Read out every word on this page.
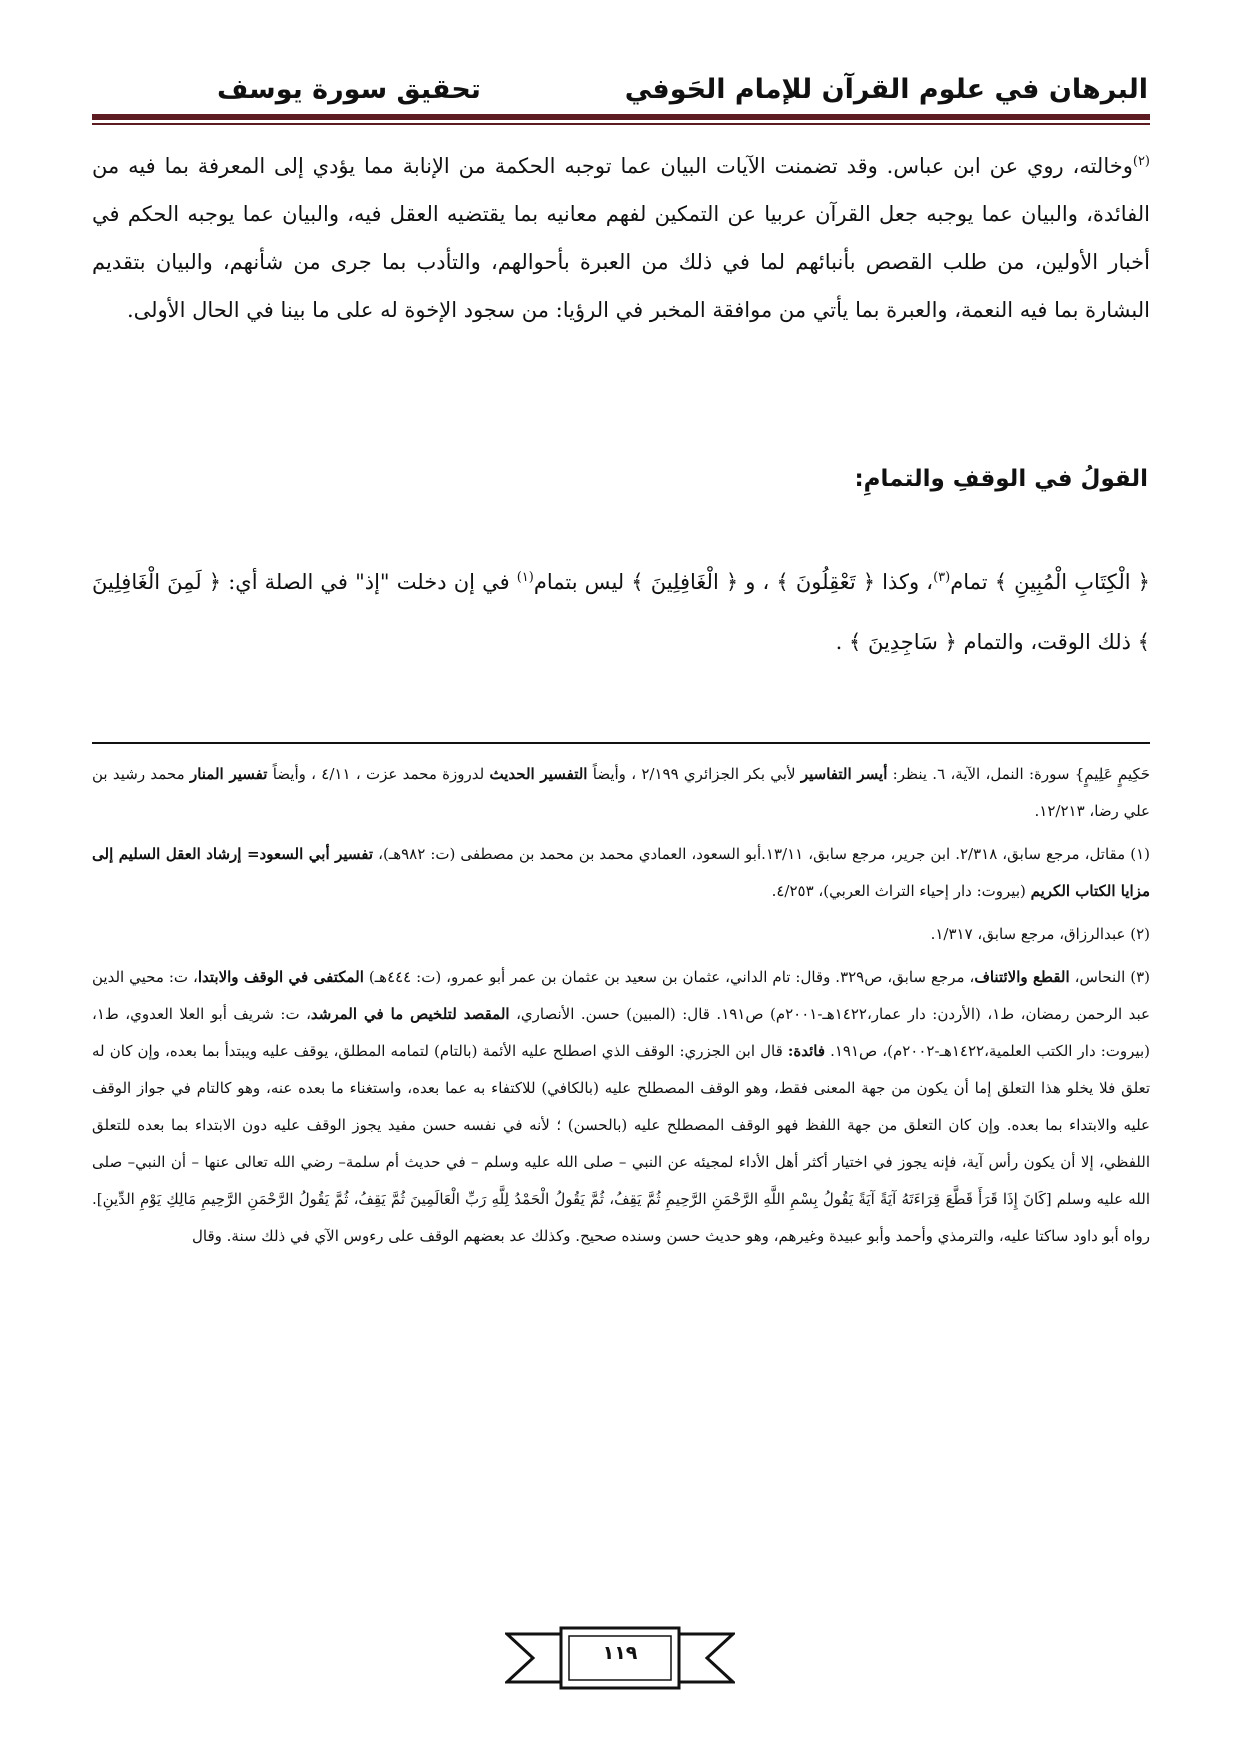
البرهان في علوم القرآن للإمام الحَوفي
تحقيق سورة يوسف

$^{(٢)}$وخالته، روي عن ابن عباس. وقد تضمنت الآيات البيان عما توجبه الحكمة من الإنابة مما يؤدي إلى المعرفة بما فيه من الفائدة، والبيان عما يوجبه جعل القرآن عربيا عن التمكين لفهم معانيه بما يقتضيه العقل فيه، والبيان عما يوجبه الحكم في أخبار الأولين، من طلب القصص بأنبائهم لما في ذلك من العبرة بأحوالهم، والتأدب بما جرى من شأنهم، والبيان بتقديم البشارة بما فيه النعمة، والعبرة بما يأتي من موافقة المخبر في الرؤيا: من سجود الإخوة له على ما بينا في الحال الأولى.

القولُ في الوقفِ والتمامِ:

﴿ الْكِتَابِ الْمُبِينِ ﴾ تمام$^{(٣)}$، وكذا ﴿ تَعْقِلُونَ ﴾ ، و ﴿ الْغَافِلِينَ ﴾ ليس بتمام$^{(١)}$ في إن دخلت "إذ" في الصلة أي: ﴿ لَمِنَ الْغَافِلِينَ ﴾ ذلك الوقت، والتمام ﴿ سَاجِدِينَ ﴾ .

حَكِيمٍ عَلِيمٍ} سورة: النمل، الآية، ٦. ينظر: أيسر التفاسير لأبي بكر الجزائري ٢/١٩٩ ، وأيضاً التفسير الحديث لدروزة محمد عزت ، ٤/١١ ، وأيضاً تفسير المنار محمد رشيد بن علي رضا، ١٢/٢١٣.

(١) مقاتل، مرجع سابق، ٢/٣١٨. ابن جرير، مرجع سابق، ١٣/١١.أبو السعود، العمادي محمد بن محمد بن مصطفى (ت: ٩٨٢هـ)، تفسير أبي السعود= إرشاد العقل السليم إلى مزايا الكتاب الكريم (بيروت: دار إحياء التراث العربي)، ٤/٢٥٣.

(٢) عبدالرزاق، مرجع سابق، ١/٣١٧.

(٣) النحاس، القطع والائتناف، مرجع سابق، ص٣٢٩. وقال: تام الداني، عثمان بن سعيد بن عثمان بن عمر أبو عمرو، (ت: ٤٤٤هـ) المكتفى في الوقف والابتدا، ت: محيي الدين عبد الرحمن رمضان، ط١، (الأردن: دار عمار،١٤٢٢هـ-٢٠٠١م) ص١٩١. قال: (المبين) حسن. الأنصاري، المقصد لتلخيص ما في المرشد، ت: شريف أبو العلا العدوي، ط١، (بيروت: دار الكتب العلمية،١٤٢٢هـ-٢٠٠٢م)، ص١٩١. فائدة: قال ابن الجزري: الوقف الذي اصطلح عليه الأئمة (بالتام) لتمامه المطلق، يوقف عليه ويبتدأ بما بعده، وإن كان له تعلق فلا يخلو هذا التعلق إما أن يكون من جهة المعنى فقط، وهو الوقف المصطلح عليه (بالكافي) للاكتفاء به عما بعده، واستغناء ما بعده عنه، وهو كالتام في جواز الوقف عليه والابتداء بما بعده. وإن كان التعلق من جهة اللفظ فهو الوقف المصطلح عليه (بالحسن) ؛ لأنه في نفسه حسن مفيد يجوز الوقف عليه دون الابتداء بما بعده للتعلق اللفظي، إلا أن يكون رأس آية، فإنه يجوز في اختيار أكثر أهل الأداء لمجيئه عن النبي – صلى الله عليه وسلم – في حديث أم سلمة– رضي الله تعالى عنها – أن النبي– صلى الله عليه وسلم [كَانَ إِذَا قَرَأَ قَطَّعَ قِرَاءَتَهُ آيَةً آيَةً يَقُولُ بِسْمِ اللَّهِ الرَّحْمَنِ الرَّحِيمِ ثُمَّ يَقِفُ، ثُمَّ يَقُولُ الْحَمْدُ لِلَّهِ رَبِّ الْعَالَمِينَ ثُمَّ يَقِفُ، ثُمَّ يَقُولُ الرَّحْمَنِ الرَّحِيمِ مَالِكِ يَوْمِ الدِّينِ]. رواه أبو داود ساكتا عليه، والترمذي وأحمد وأبو عبيدة وغيرهم، وهو حديث حسن وسنده صحيح. وكذلك عد بعضهم الوقف على رءوس الآي في ذلك سنة. وقال

١١٩
